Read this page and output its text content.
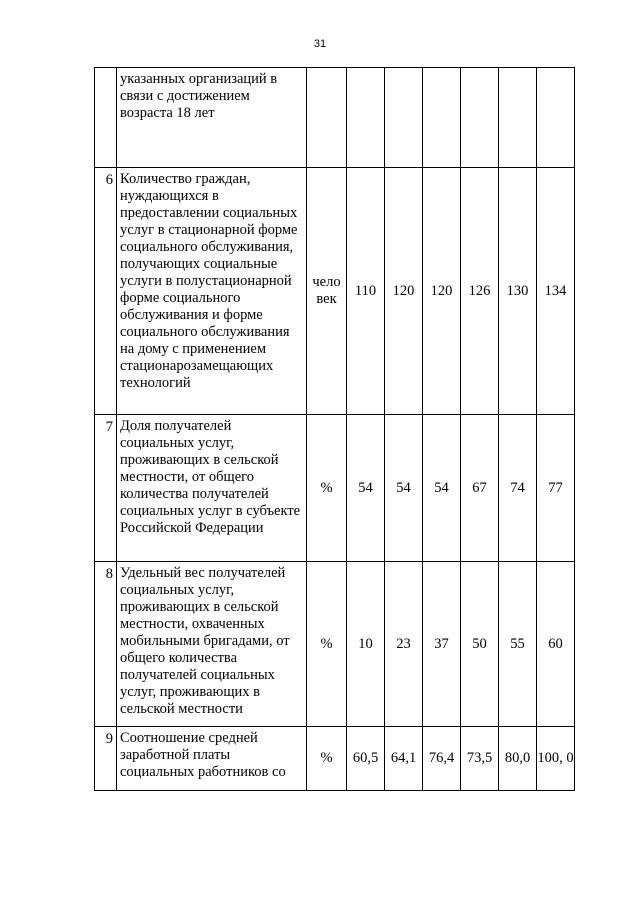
31
	указанных организаций в связи с достижением возраста 18 лет							
6	Количество граждан, нуждающихся в предоставлении социальных услуг в стационарной форме социального обслуживания, получающих социальные услуги в полустационарной форме социального обслуживания и форме социального обслуживания на дому с применением стационарозамещающих технологий	чело век	110	120	120	126	130	134
7	Доля получателей социальных услуг, проживающих в сельской местности, от общего количества получателей социальных услуг в субъекте Российской Федерации	%	54	54	54	67	74	77
8	Удельный вес получателей социальных услуг, проживающих в сельской местности, охваченных мобильными бригадами, от общего количества получателей социальных услуг, проживающих в сельской местности	%	10	23	37	50	55	60
9	Соотношение средней заработной платы социальных работников со	%	60,5	64,1	76,4	73,5	80,0	100, 0
